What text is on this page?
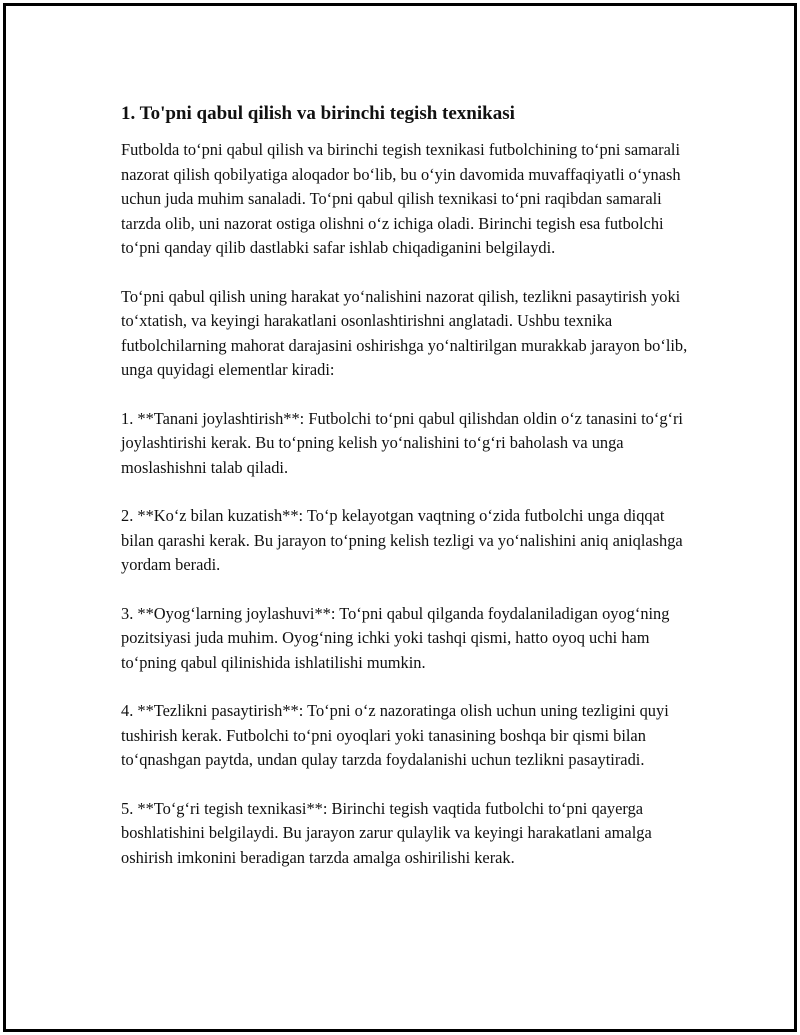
1. To'pni qabul qilish va birinchi tegish texnikasi

Futbolda to‘pni qabul qilish va birinchi tegish texnikasi futbolchining to‘pni samarali nazorat qilish qobilyatiga aloqador bo‘lib, bu o‘yin davomida muvaffaqiyatli o‘ynash uchun juda muhim sanaladi. To‘pni qabul qilish texnikasi to‘pni raqibdan samarali tarzda olib, uni nazorat ostiga olishni o‘z ichiga oladi. Birinchi tegish esa futbolchi to‘pni qanday qilib dastlabki safar ishlab chiqadiganini belgilaydi.

To‘pni qabul qilish uning harakat yo‘nalishini nazorat qilish, tezlikni pasaytirish yoki to‘xtatish, va keyingi harakatlani osonlashtirishni anglatadi. Ushbu texnika futbolchilarning mahorat darajasini oshirishga yo‘naltirilgan murakkab jarayon bo‘lib, unga quyidagi elementlar kiradi:

1. **Tanani joylashtirish**: Futbolchi to‘pni qabul qilishdan oldin o‘z tanasini to‘g‘ri joylashtirishi kerak. Bu to‘pning kelish yo‘nalishini to‘g‘ri baholash va unga moslashishni talab qiladi.

2. **Ko‘z bilan kuzatish**: To‘p kelayotgan vaqtning o‘zida futbolchi unga diqqat bilan qarashi kerak. Bu jarayon to‘pning kelish tezligi va yo‘nalishini aniq aniqlashga yordam beradi.

3. **Oyog‘larning joylashuvi**: To‘pni qabul qilganda foydalaniladigan oyog‘ning pozitsiyasi juda muhim. Oyog‘ning ichki yoki tashqi qismi, hatto oyoq uchi ham to‘pning qabul qilinishida ishlatilishi mumkin.

4. **Tezlikni pasaytirish**: To‘pni o‘z nazoratinga olish uchun uning tezligini quyi tushirish kerak. Futbolchi to‘pni oyoqlari yoki tanasining boshqa bir qismi bilan to‘qnashgan paytda, undan qulay tarzda foydalanishi uchun tezlikni pasaytiradi.

5. **To‘g‘ri tegish texnikasi**: Birinchi tegish vaqtida futbolchi to‘pni qayerga boshlatishini belgilaydi. Bu jarayon zarur qulaylik va keyingi harakatlani amalga oshirish imkonini beradigan tarzda amalga oshirilishi kerak.
